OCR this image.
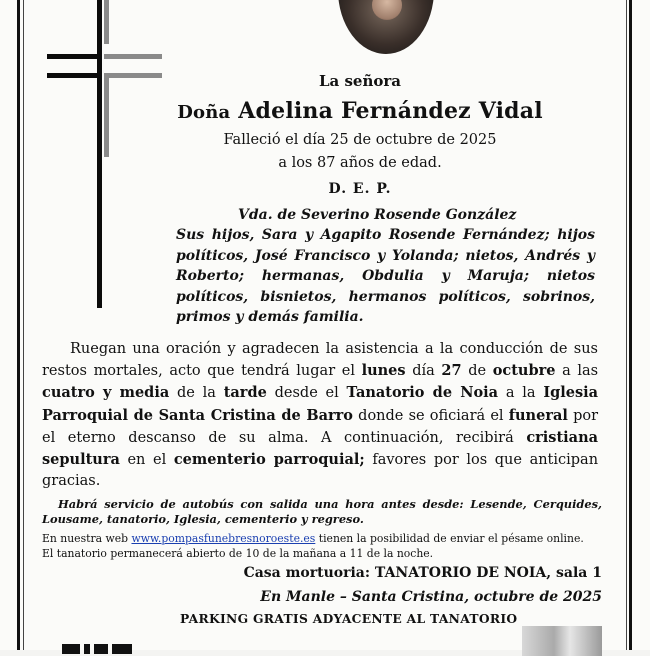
La señora
Doña Adelina Fernández Vidal
Falleció el día 25 de octubre de 2025
a los 87 años de edad.
D. E. P.
Vda. de Severino Rosende González
Sus hijos, Sara y Agapito Rosende Fernández; hijos políticos, José Francisco y Yolanda; nietos, Andrés y Roberto; hermanas, Obdulia y Maruja; nietos políticos, bisnietos, hermanos políticos, sobrinos, primos y demás familia.
Ruegan una oración y agradecen la asistencia a la conducción de sus restos mortales, acto que tendrá lugar el lunes día 27 de octubre a las cuatro y media de la tarde desde el Tanatorio de Noia a la Iglesia Parroquial de Santa Cristina de Barro donde se oficiará el funeral por el eterno descanso de su alma. A continuación, recibirá cristiana sepultura en el cementerio parroquial; favores por los que anticipan gracias.
Habrá servicio de autobús con salida una hora antes desde: Lesende, Cerquides, Lousame, tanatorio, Iglesia, cementerio y regreso.
En nuestra web www.pompasfunebresnoroeste.es tienen la posibilidad de enviar el pésame online.
El tanatorio permanecerá abierto de 10 de la mañana a 11 de la noche.
Casa mortuoria: TANATORIO DE NOIA, sala 1
En Manle – Santa Cristina, octubre de 2025
PARKING GRATIS ADYACENTE AL TANATORIO
